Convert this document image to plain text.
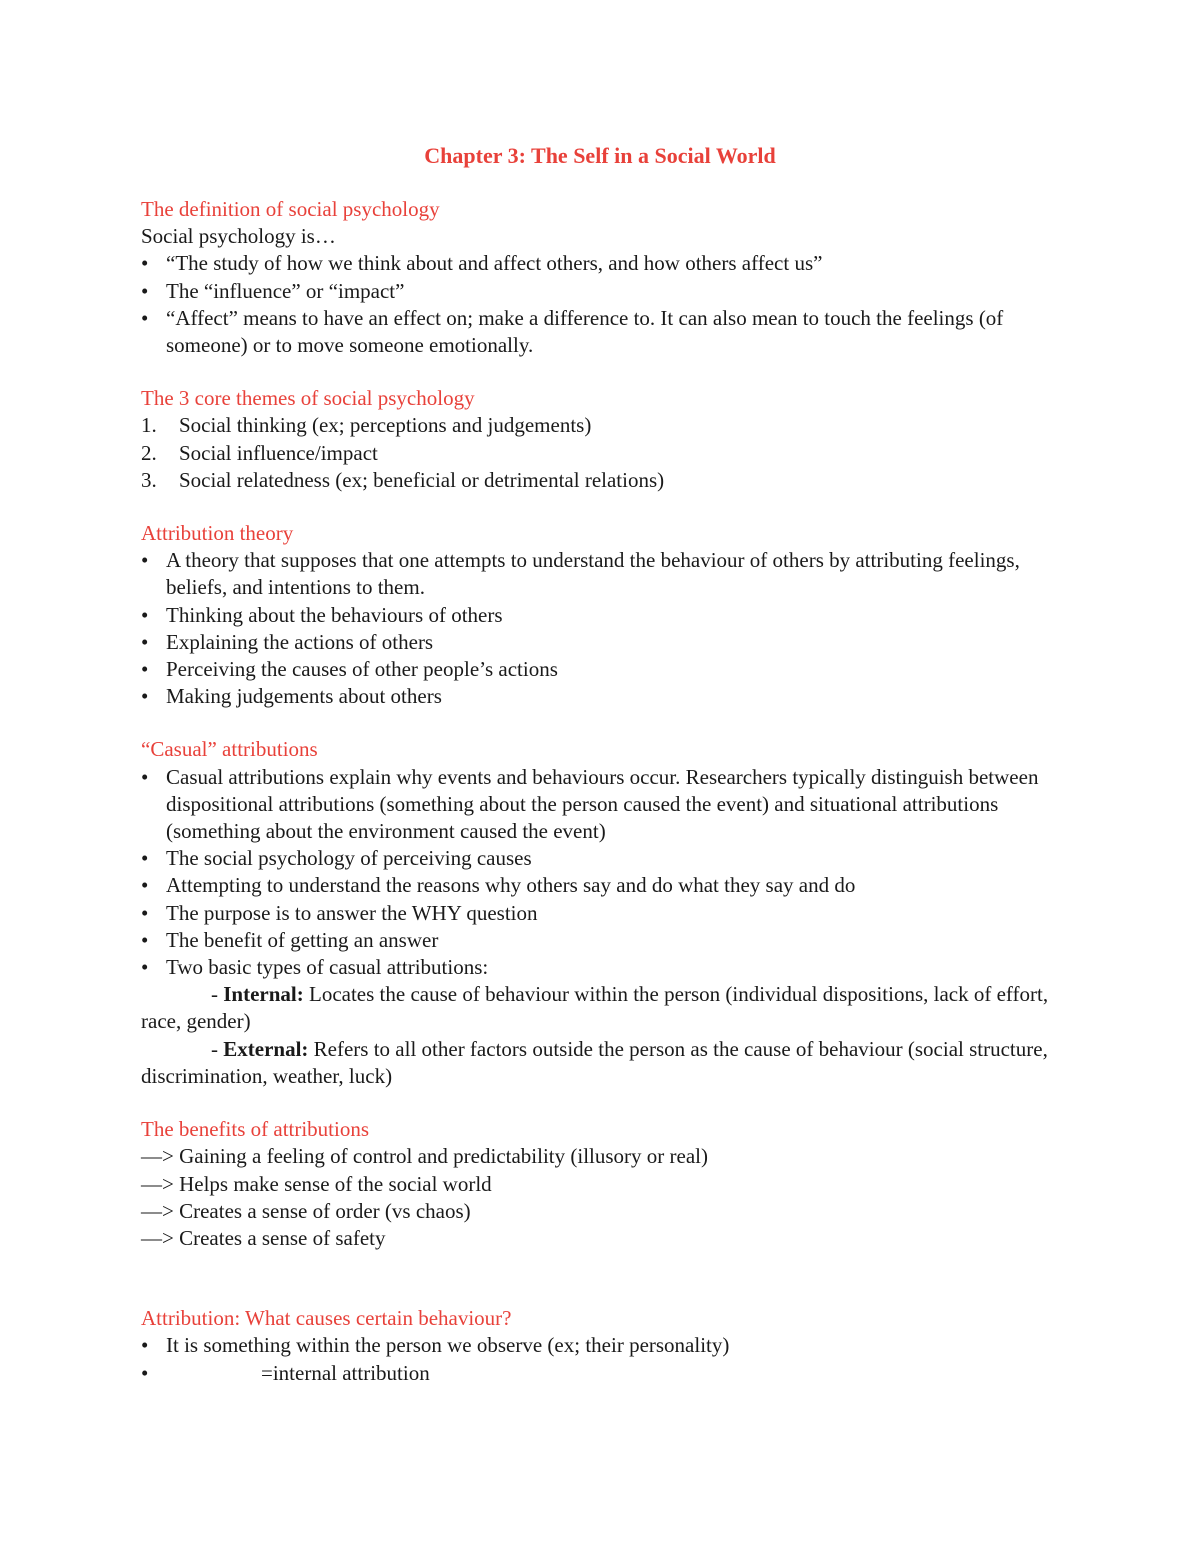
Chapter 3: The Self in a Social World
The definition of social psychology
Social psychology is…
• “The study of how we think about and affect others, and how others affect us”
• The “influence” or “impact”
• “Affect” means to have an effect on; make a difference to. It can also mean to touch the feelings (of someone) or to move someone emotionally.
The 3 core themes of social psychology
1. Social thinking (ex; perceptions and judgements)
2. Social influence/impact
3. Social relatedness (ex; beneficial or detrimental relations)
Attribution theory
• A theory that supposes that one attempts to understand the behaviour of others by attributing feelings, beliefs, and intentions to them.
• Thinking about the behaviours of others
• Explaining the actions of others
• Perceiving the causes of other people’s actions
• Making judgements about others
“Casual” attributions
• Casual attributions explain why events and behaviours occur. Researchers typically distinguish between dispositional attributions (something about the person caused the event) and situational attributions (something about the environment caused the event)
• The social psychology of perceiving causes
• Attempting to understand the reasons why others say and do what they say and do
• The purpose is to answer the WHY question
• The benefit of getting an answer
• Two basic types of casual attributions:
- Internal: Locates the cause of behaviour within the person (individual dispositions, lack of effort, race, gender)
- External: Refers to all other factors outside the person as the cause of behaviour (social structure, discrimination, weather, luck)
The benefits of attributions
—> Gaining a feeling of control and predictability (illusory or real)
—> Helps make sense of the social world
—> Creates a sense of order (vs chaos)
—> Creates a sense of safety
Attribution: What causes certain behaviour?
• It is something within the person we observe (ex; their personality)
•	=internal attribution
